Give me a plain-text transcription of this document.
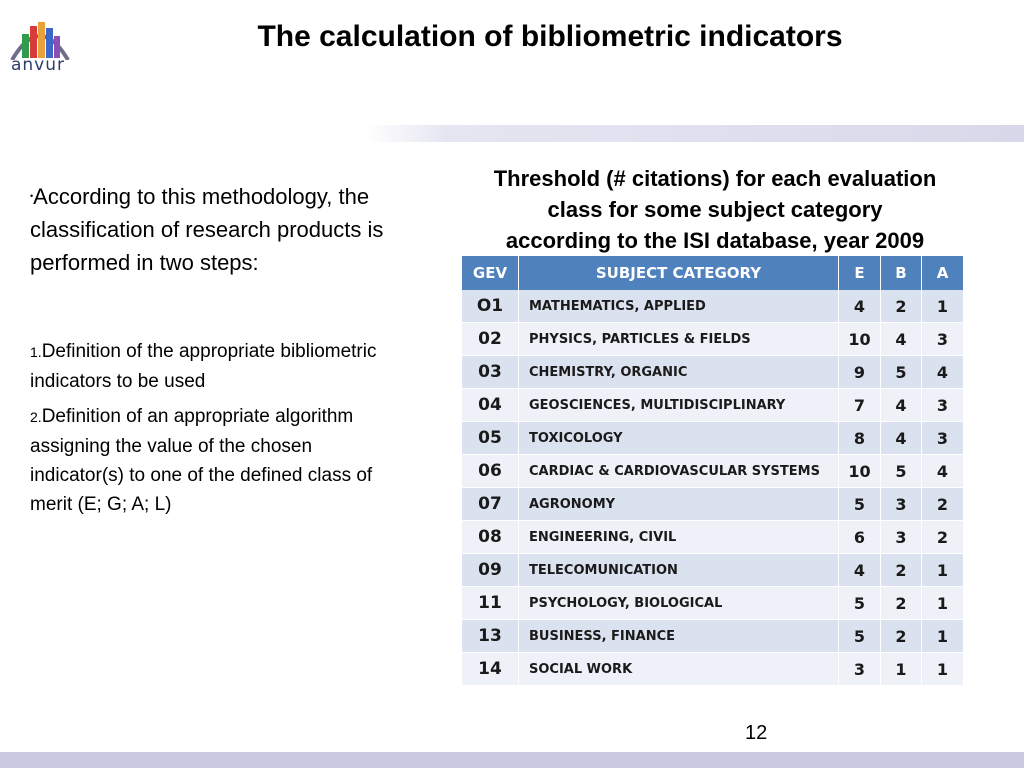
anvur
The calculation of bibliometric indicators

•According to this methodology, the classification of research products is performed in two steps:

1.Definition of the appropriate bibliometric indicators to be used

2.Definition of an appropriate algorithm assigning the value of the chosen indicator(s) to one of the defined class of merit (E; G; A; L)

Threshold (# citations) for each evaluation
class for some subject category
according to the ISI database, year 2009
GEV	SUBJECT CATEGORY	E	B	A
O1	MATHEMATICS, APPLIED	4	2	1
02	PHYSICS, PARTICLES & FIELDS	10	4	3
03	CHEMISTRY, ORGANIC	9	5	4
04	GEOSCIENCES, MULTIDISCIPLINARY	7	4	3
05	TOXICOLOGY	8	4	3
06	CARDIAC & CARDIOVASCULAR SYSTEMS	10	5	4
07	AGRONOMY	5	3	2
08	ENGINEERING, CIVIL	6	3	2
09	TELECOMUNICATION	4	2	1
11	PSYCHOLOGY, BIOLOGICAL	5	2	1
13	BUSINESS, FINANCE	5	2	1
14	SOCIAL WORK	3	1	1
12
